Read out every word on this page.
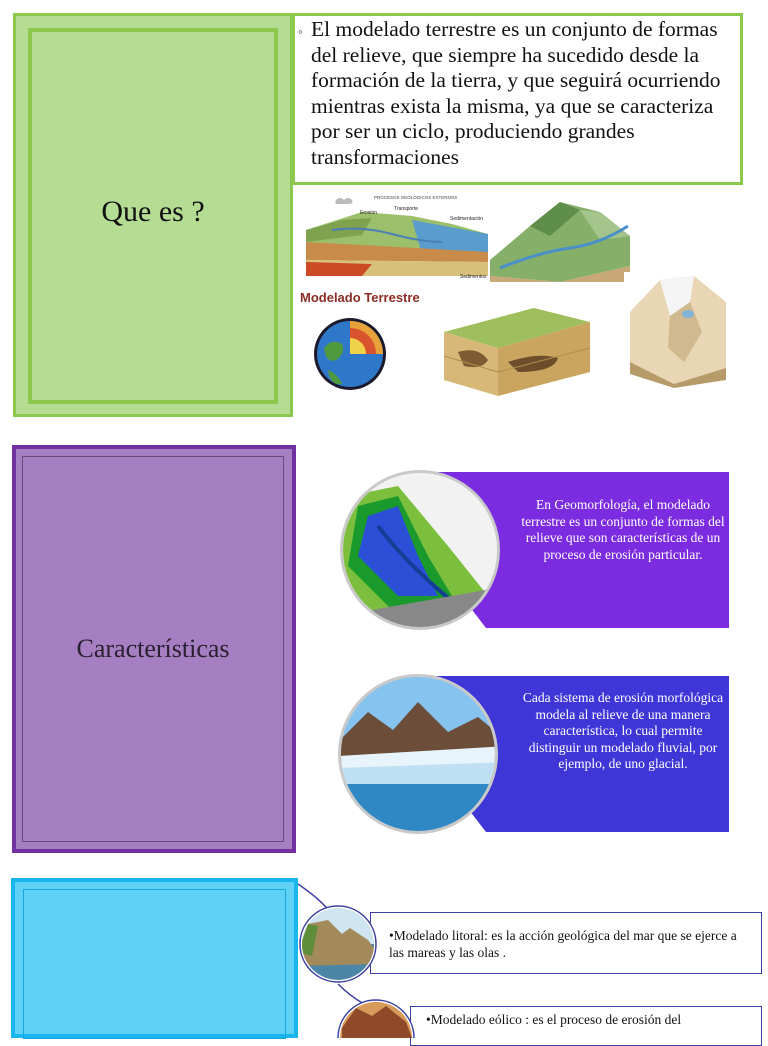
Que es ?
◦ El modelado terrestre es un conjunto de formas del relieve, que siempre ha sucedido desde la formación de la tierra, y que seguirá ocurriendo mientras exista la misma, ya que se caracteriza por ser un ciclo, produciendo grandes transformaciones
PROCESOS GEOLÓGICOS EXTERNOS
Erosión
Transporte
Sedimentación
Sedimentos
Modelado Terrestre
Características
En Geomorfología, el modelado terrestre es un conjunto de formas del relieve que son características de un proceso de erosión particular.
Cada sistema de erosión morfológica modela al relieve de una manera característica, lo cual permite distinguir un modelado fluvial, por ejemplo, de uno glacial.
•Modelado litoral: es la acción geológica del mar que se ejerce a las mareas y las olas .
•Modelado eólico : es el proceso de erosión del
